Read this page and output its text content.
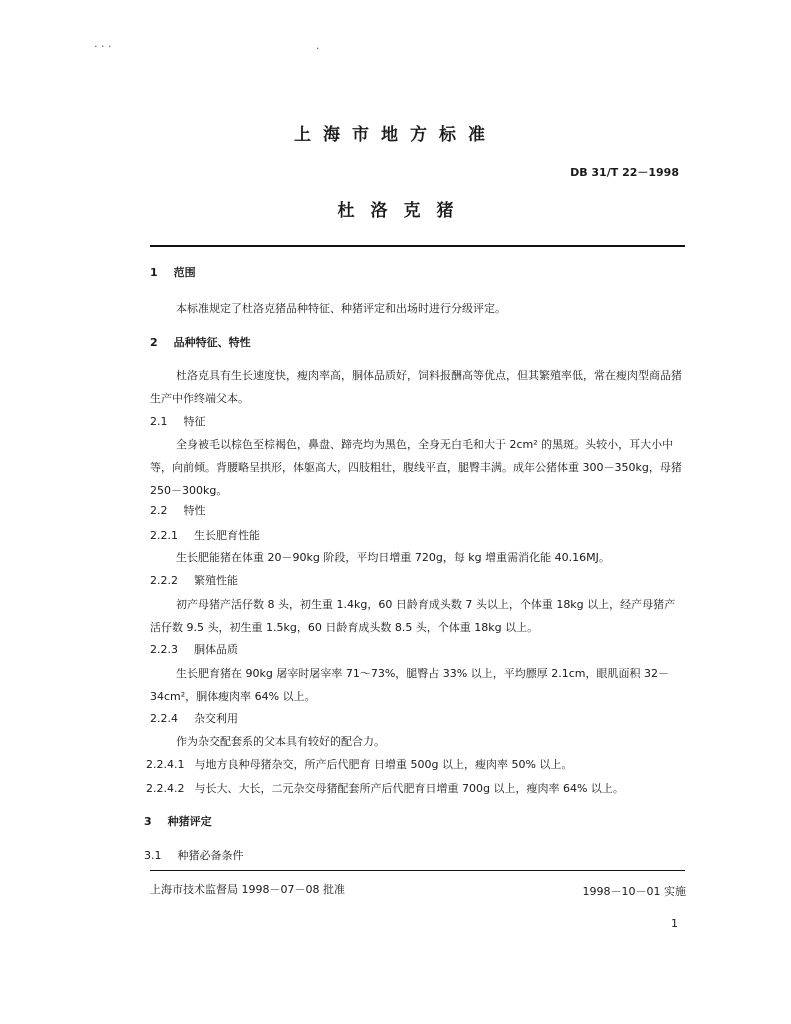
· · ·	·
上海市地方标准
DB 31/T 22－1998
杜洛克猪
1 范围
本标准规定了杜洛克猪品种特征、种猪评定和出场时进行分级评定。
2 品种特征、特性
杜洛克具有生长速度快，瘦肉率高，胴体品质好，饲料报酬高等优点，但其繁殖率低，常在瘦肉型商品猪生产中作终端父本。
2.1 特征
全身被毛以棕色至棕褐色，鼻盘、蹄壳均为黑色，全身无白毛和大于 2cm² 的黑斑。头较小，耳大小中等，向前倾。背腰略呈拱形，体躯高大，四肢粗壮，腹线平直，腿臀丰满。成年公猪体重 300－350kg，母猪 250－300kg。
2.2 特性
2.2.1 生长肥育性能
生长肥能猪在体重 20－90kg 阶段，平均日增重 720g，每 kg 增重需消化能 40.16MJ。
2.2.2 繁殖性能
初产母猪产活仔数 8 头，初生重 1.4kg，60 日龄育成头数 7 头以上，个体重 18kg 以上，经产母猪产活仔数 9.5 头，初生重 1.5kg，60 日龄育成头数 8.5 头，个体重 18kg 以上。
2.2.3 胴体品质
生长肥育猪在 90kg 屠宰时屠宰率 71～73%，腿臀占 33% 以上，平均膘厚 2.1cm，眼肌面积 32－34cm²，胴体瘦肉率 64% 以上。
2.2.4 杂交利用
作为杂交配套系的父本具有较好的配合力。
2.2.4.1 与地方良种母猪杂交，所产后代肥育 日增重 500g 以上，瘦肉率 50% 以上。
2.2.4.2 与长大、大长，二元杂交母猪配套所产后代肥育日增重 700g 以上，瘦肉率 64% 以上。
3 种猪评定
3.1 种猪必备条件
上海市技术监督局 1998－07－08 批准	1998－10－01 实施
1
